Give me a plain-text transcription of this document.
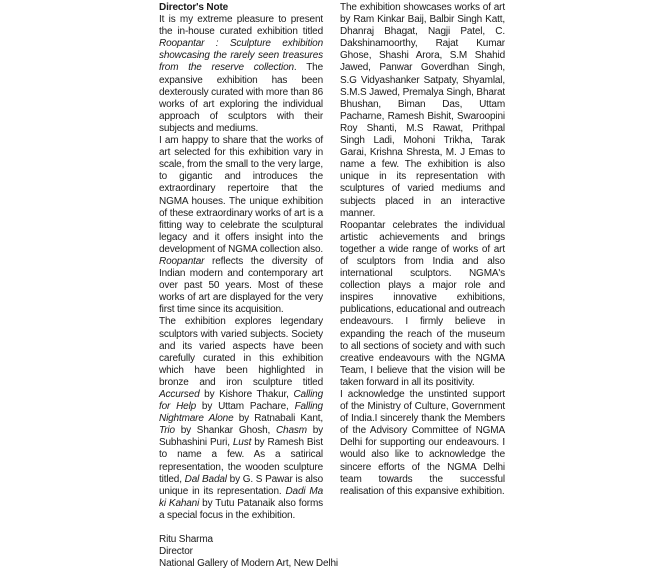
Director's Note

It is my extreme pleasure to present the in-house curated exhibition titled Roopantar : Sculpture exhibition showcasing the rarely seen treasures from the reserve collection. The expansive exhibition has been dexterously curated with more than 86 works of art exploring the individual approach of sculptors with their subjects and mediums.

I am happy to share that the works of art selected for this exhibition vary in scale, from the small to the very large, to gigantic and introduces the extraordinary repertoire that the NGMA houses. The unique exhibition of these extraordinary works of art is a fitting way to celebrate the sculptural legacy and it offers insight into the development of NGMA collection also. Roopantar reflects the diversity of Indian modern and contemporary art over past 50 years. Most of these works of art are displayed for the very first time since its acquisition.

The exhibition explores legendary sculptors with varied subjects. Society and its varied aspects have been carefully curated in this exhibition which have been highlighted in bronze and iron sculpture titled Accursed by Kishore Thakur, Calling for Help by Uttam Pachare, Falling Nightmare Alone by Ratnabali Kant, Trio by Shankar Ghosh, Chasm by Subhashini Puri, Lust by Ramesh Bist to name a few. As a satirical representation, the wooden sculpture titled, Dal Badal by G. S Pawar is also unique in its representation. Dadi Ma ki Kahani by Tutu Patanaik also forms a special focus in the exhibition.

Ritu Sharma
Director
National Gallery of Modern Art, New Delhi

The exhibition showcases works of art by Ram Kinkar Baij, Balbir Singh Katt, Dhanraj Bhagat, Nagji Patel, C. Dakshinamoorthy, Rajat Kumar Ghose, Shashi Arora, S.M Shahid Jawed, Panwar Goverdhan Singh, S.G Vidyashanker Satpaty, Shyamlal, S.M.S Jawed, Premalya Singh, Bharat Bhushan, Biman Das, Uttam Pacharne, Ramesh Bishit, Swaroopini Roy Shanti, M.S Rawat, Prithpal Singh Ladi, Mohoni Trikha, Tarak Garai, Krishna Shresta, M. J Emas to name a few. The exhibition is also unique in its representation with sculptures of varied mediums and subjects placed in an interactive manner.

Roopantar celebrates the individual artistic achievements and brings together a wide range of works of art of sculptors from India and also international sculptors. NGMA's collection plays a major role and inspires innovative exhibitions, publications, educational and outreach endeavours. I firmly believe in expanding the reach of the museum to all sections of society and with such creative endeavours with the NGMA Team, I believe that the vision will be taken forward in all its positivity.

I acknowledge the unstinted support of the Ministry of Culture, Government of India.I sincerely thank the Members of the Advisory Committee of NGMA Delhi for supporting our endeavours. I would also like to acknowledge the sincere efforts of the NGMA Delhi team towards the successful realisation of this expansive exhibition.
